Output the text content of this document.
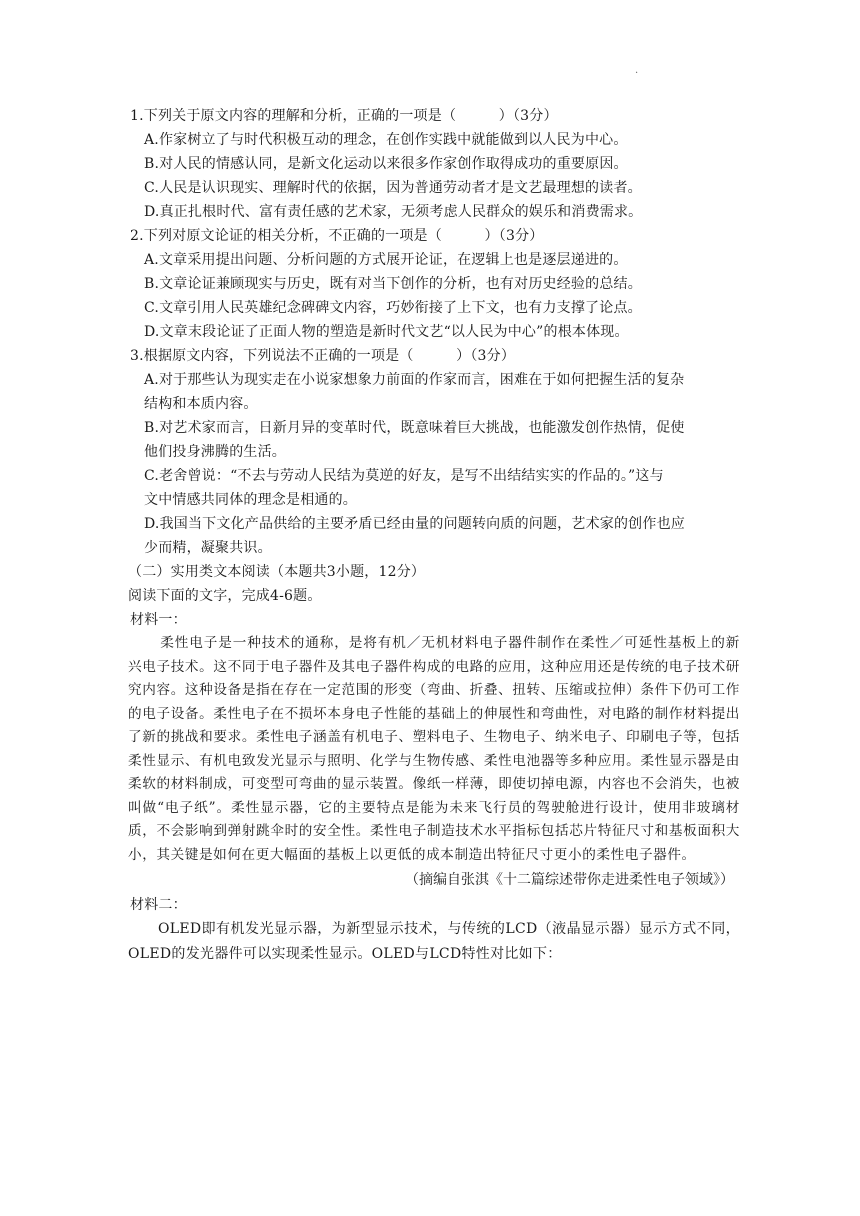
.
1.下列关于原文内容的理解和分析，正确的一项是（　　　）（3分）
A.作家树立了与时代积极互动的理念，在创作实践中就能做到以人民为中心。
B.对人民的情感认同，是新文化运动以来很多作家创作取得成功的重要原因。
C.人民是认识现实、理解时代的依据，因为普通劳动者才是文艺最理想的读者。
D.真正扎根时代、富有责任感的艺术家，无须考虑人民群众的娱乐和消费需求。
2.下列对原文论证的相关分析，不正确的一项是（　　　）（3分）
A.文章采用提出问题、分析问题的方式展开论证，在逻辑上也是逐层递进的。
B.文章论证兼顾现实与历史，既有对当下创作的分析，也有对历史经验的总结。
C.文章引用人民英雄纪念碑碑文内容，巧妙衔接了上下文，也有力支撑了论点。
D.文章末段论证了正面人物的塑造是新时代文艺“以人民为中心”的根本体现。
3.根据原文内容，下列说法不正确的一项是（　　　）（3分）
A.对于那些认为现实走在小说家想象力前面的作家而言，困难在于如何把握生活的复杂
结构和本质内容。
B.对艺术家而言，日新月异的变革时代，既意味着巨大挑战，也能激发创作热情，促使
他们投身沸腾的生活。
C.老舍曾说：“不去与劳动人民结为莫逆的好友，是写不出结结实实的作品的。”这与
文中情感共同体的理念是相通的。
D.我国当下文化产品供给的主要矛盾已经由量的问题转向质的问题，艺术家的创作也应
少而精，凝聚共识。
（二）实用类文本阅读（本题共3小题，12分）
阅读下面的文字，完成4-6题。
材料一：
柔性电子是一种技术的通称，是将有机／无机材料电子器件制作在柔性／可延性基板上的新兴电子技术。这不同于电子器件及其电子器件构成的电路的应用，这种应用还是传统的电子技术研究内容。这种设备是指在存在一定范围的形变（弯曲、折叠、扭转、压缩或拉伸）条件下仍可工作的电子设备。柔性电子在不损坏本身电子性能的基础上的伸展性和弯曲性，对电路的制作材料提出了新的挑战和要求。柔性电子涵盖有机电子、塑料电子、生物电子、纳米电子、印刷电子等，包括柔性显示、有机电致发光显示与照明、化学与生物传感、柔性电池器等多种应用。柔性显示器是由柔软的材料制成，可变型可弯曲的显示装置。像纸一样薄，即使切掉电源，内容也不会消失，也被叫做“电子纸”。柔性显示器，它的主要特点是能为未来飞行员的驾驶舱进行设计，使用非玻璃材质，不会影响到弹射跳伞时的安全性。柔性电子制造技术水平指标包括芯片特征尺寸和基板面积大小，其关键是如何在更大幅面的基板上以更低的成本制造出特征尺寸更小的柔性电子器件。
（摘编自张淇《十二篇综述带你走进柔性电子领域》）
材料二：
OLED即有机发光显示器，为新型显示技术，与传统的LCD（液晶显示器）显示方式不同，OLED的发光器件可以实现柔性显示。OLED与LCD特性对比如下：
